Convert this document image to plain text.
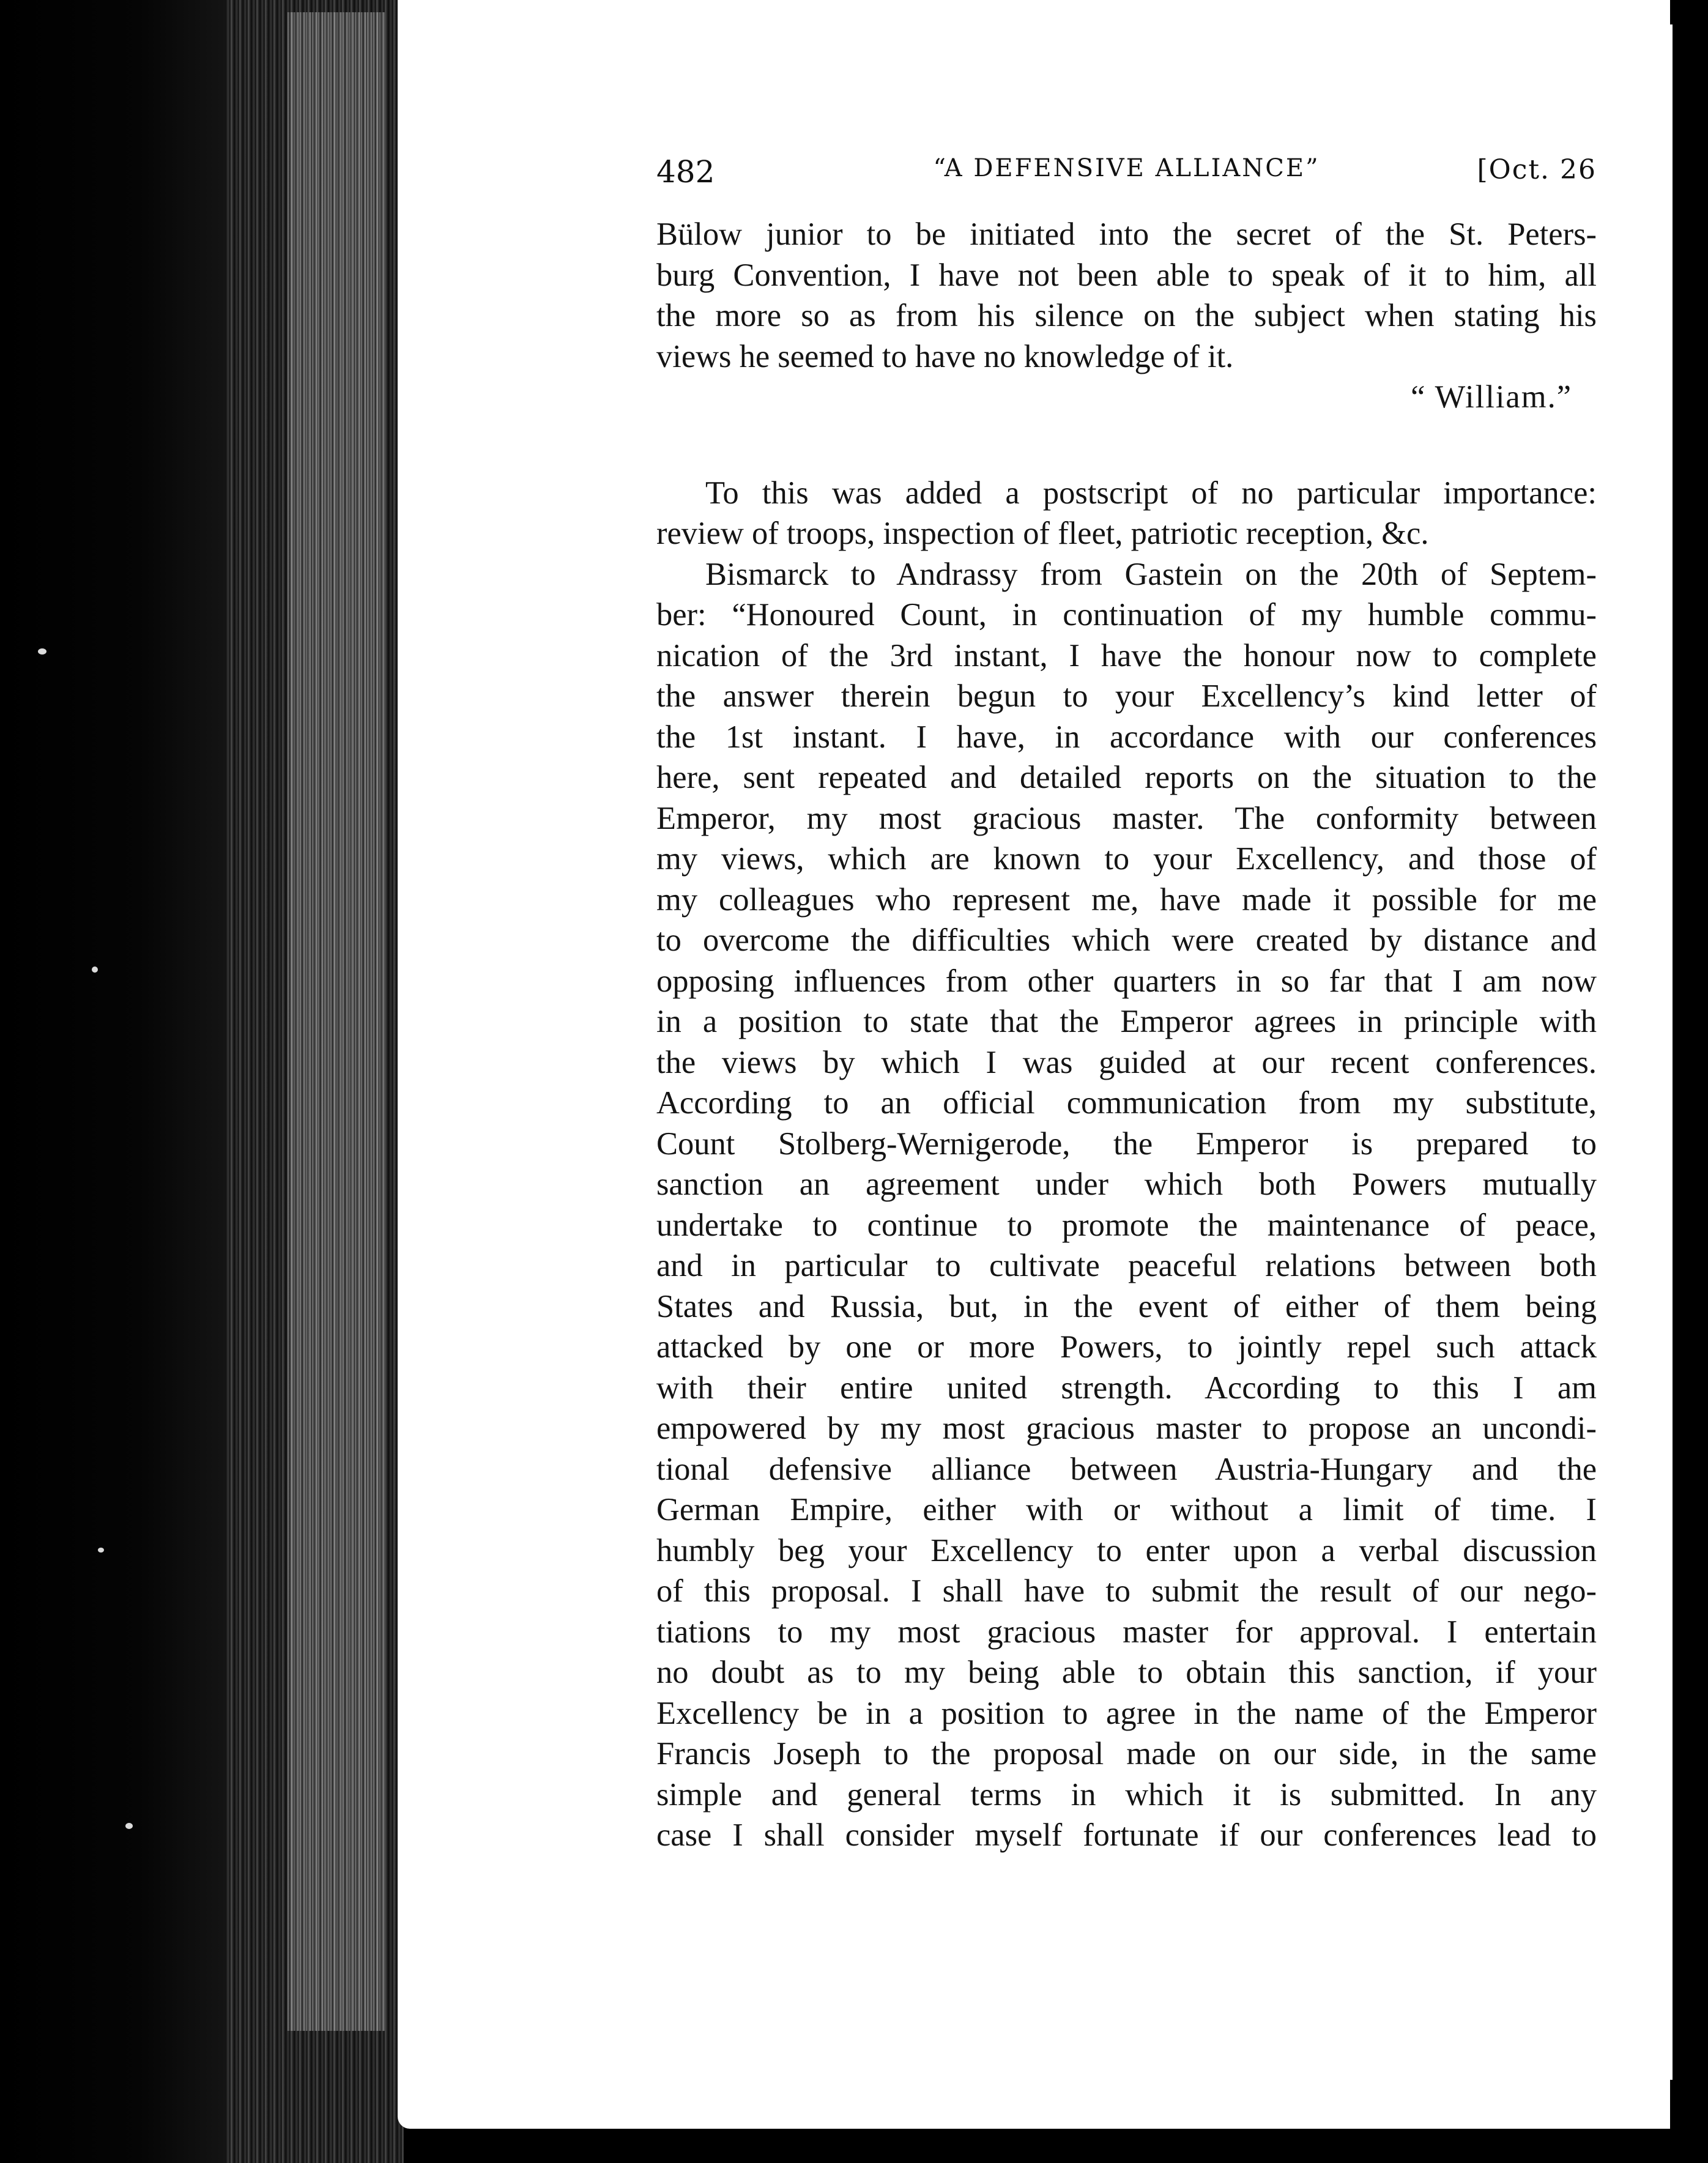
482	“A DEFENSIVE ALLIANCE”	[Oct. 26
Bülow junior to be initiated into the secret of the St. Peters-
burg Convention, I have not been able to speak of it to him, all
the more so as from his silence on the subject when stating his
views he seemed to have no knowledge of it.
“ William.”
To this was added a postscript of no particular importance:
review of troops, inspection of fleet, patriotic reception, &c.
Bismarck to Andrassy from Gastein on the 20th of Septem-
ber: “Honoured Count, in continuation of my humble commu-
nication of the 3rd instant, I have the honour now to complete
the answer therein begun to your Excellency’s kind letter of
the 1st instant. I have, in accordance with our conferences
here, sent repeated and detailed reports on the situation to the
Emperor, my most gracious master. The conformity between
my views, which are known to your Excellency, and those of
my colleagues who represent me, have made it possible for me
to overcome the difficulties which were created by distance and
opposing influences from other quarters in so far that I am now
in a position to state that the Emperor agrees in principle with
the views by which I was guided at our recent conferences.
According to an official communication from my substitute,
Count Stolberg-Wernigerode, the Emperor is prepared to
sanction an agreement under which both Powers mutually
undertake to continue to promote the maintenance of peace,
and in particular to cultivate peaceful relations between both
States and Russia, but, in the event of either of them being
attacked by one or more Powers, to jointly repel such attack
with their entire united strength. According to this I am
empowered by my most gracious master to propose an uncondi-
tional defensive alliance between Austria-Hungary and the
German Empire, either with or without a limit of time. I
humbly beg your Excellency to enter upon a verbal discussion
of this proposal. I shall have to submit the result of our nego-
tiations to my most gracious master for approval. I entertain
no doubt as to my being able to obtain this sanction, if your
Excellency be in a position to agree in the name of the Emperor
Francis Joseph to the proposal made on our side, in the same
simple and general terms in which it is submitted. In any
case I shall consider myself fortunate if our conferences lead to
